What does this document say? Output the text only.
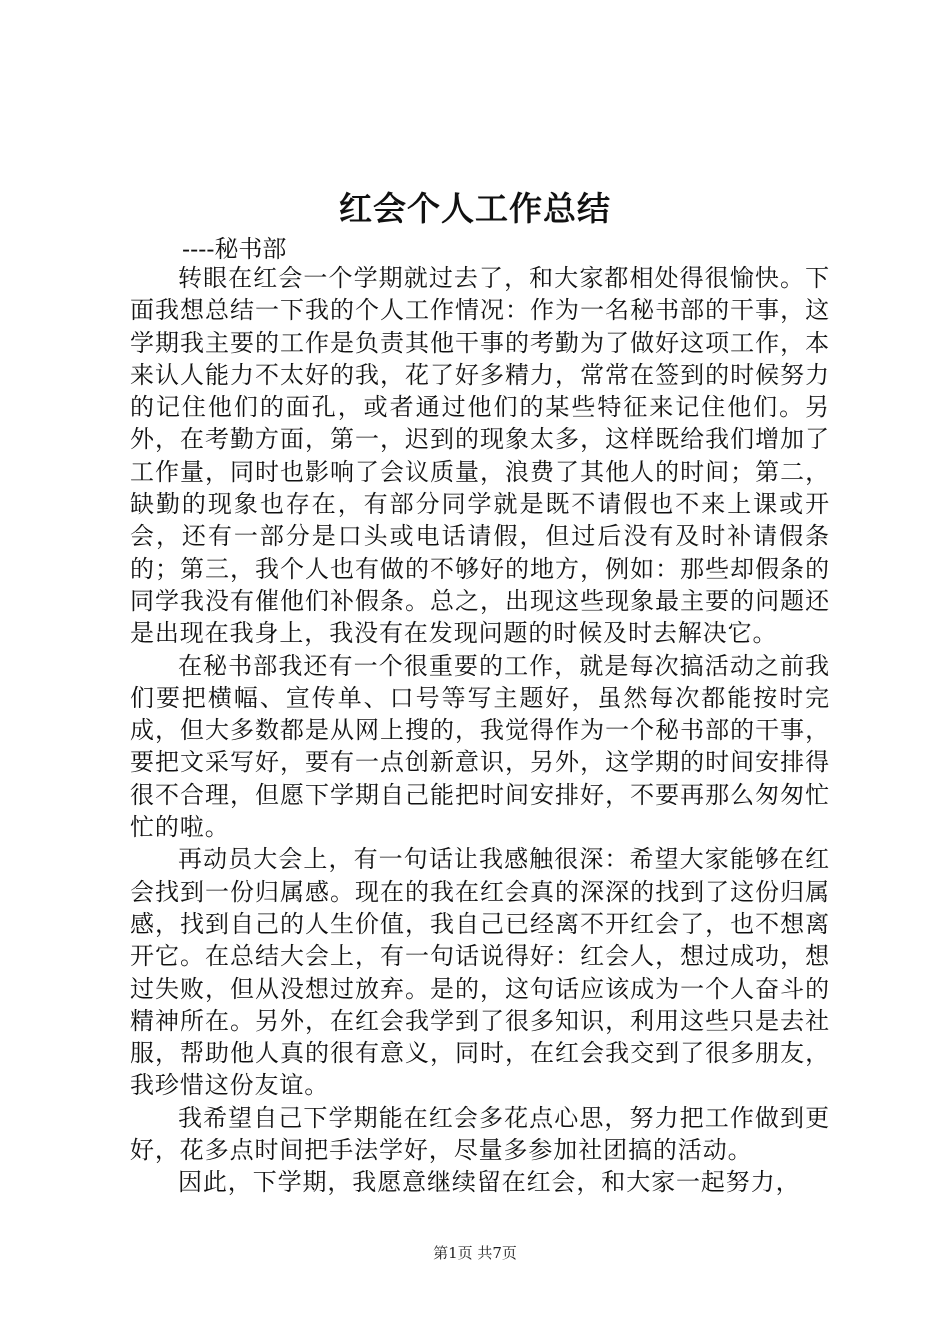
红会个人工作总结
----秘书部

转眼在红会一个学期就过去了，和大家都相处得很愉快。下面我想总结一下我的个人工作情况：作为一名秘书部的干事，这学期我主要的工作是负责其他干事的考勤为了做好这项工作，本来认人能力不太好的我，花了好多精力，常常在签到的时候努力的记住他们的面孔，或者通过他们的某些特征来记住他们。另外，在考勤方面，第一，迟到的现象太多，这样既给我们增加了工作量，同时也影响了会议质量，浪费了其他人的时间；第二，缺勤的现象也存在，有部分同学就是既不请假也不来上课或开会，还有一部分是口头或电话请假，但过后没有及时补请假条的；第三，我个人也有做的不够好的地方，例如：那些却假条的同学我没有催他们补假条。总之，出现这些现象最主要的问题还是出现在我身上，我没有在发现问题的时候及时去解决它。

在秘书部我还有一个很重要的工作，就是每次搞活动之前我们要把横幅、宣传单、口号等写主题好，虽然每次都能按时完成，但大多数都是从网上搜的，我觉得作为一个秘书部的干事，要把文采写好，要有一点创新意识，另外，这学期的时间安排得很不合理，但愿下学期自己能把时间安排好，不要再那么匆匆忙忙的啦。

再动员大会上，有一句话让我感触很深：希望大家能够在红会找到一份归属感。现在的我在红会真的深深的找到了这份归属感，找到自己的人生价值，我自己已经离不开红会了，也不想离开它。在总结大会上，有一句话说得好：红会人，想过成功，想过失败，但从没想过放弃。是的，这句话应该成为一个人奋斗的精神所在。另外，在红会我学到了很多知识，利用这些只是去社服，帮助他人真的很有意义，同时，在红会我交到了很多朋友，我珍惜这份友谊。

我希望自己下学期能在红会多花点心思，努力把工作做到更好，花多点时间把手法学好，尽量多参加社团搞的活动。

因此，下学期，我愿意继续留在红会，和大家一起努力，

第1页 共7页
